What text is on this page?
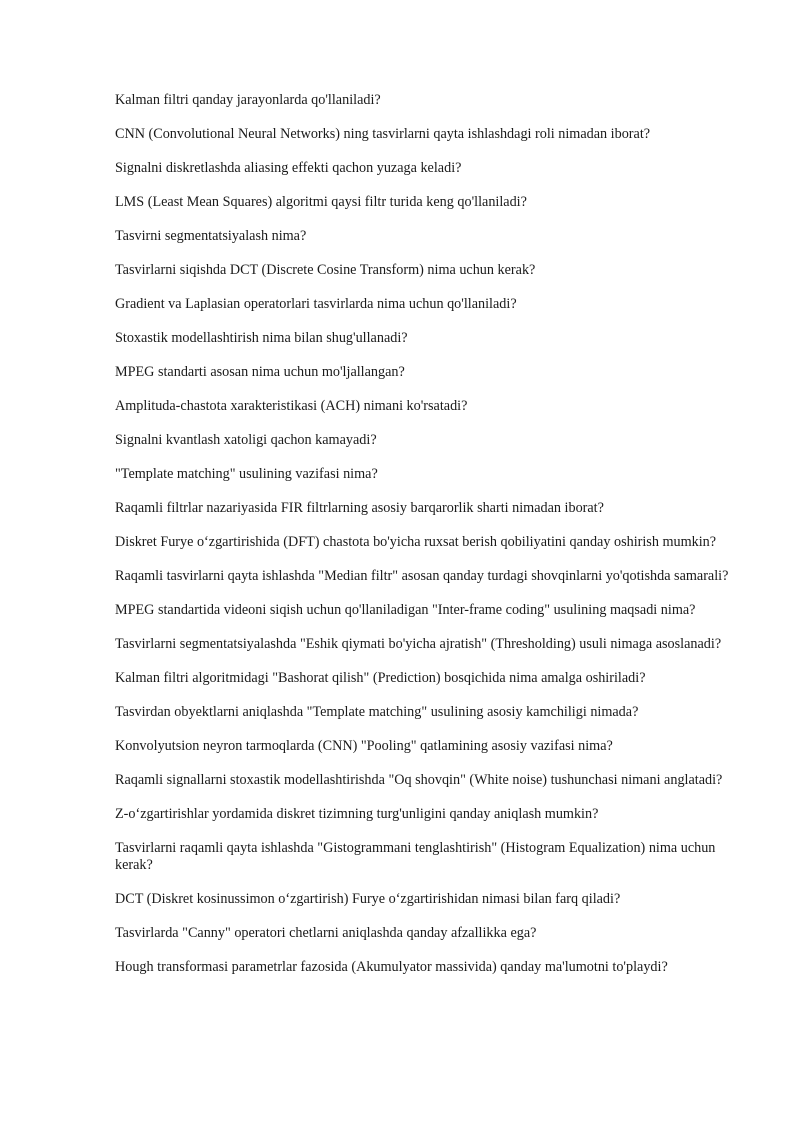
Kalman filtri qanday jarayonlarda qo'llaniladi?

CNN (Convolutional Neural Networks) ning tasvirlarni qayta ishlashdagi roli nimadan iborat?

Signalni diskretlashda aliasing effekti qachon yuzaga keladi?

LMS (Least Mean Squares) algoritmi qaysi filtr turida keng qo'llaniladi?

Tasvirni segmentatsiyalash nima?

Tasvirlarni siqishda DCT (Discrete Cosine Transform) nima uchun kerak?

Gradient va Laplasian operatorlari tasvirlarda nima uchun qo'llaniladi?

Stoxastik modellashtirish nima bilan shug'ullanadi?

MPEG standarti asosan nima uchun mo'ljallangan?

Amplituda-chastota xarakteristikasi (ACH) nimani ko'rsatadi?

Signalni kvantlash xatoligi qachon kamayadi?

"Template matching" usulining vazifasi nima?

Raqamli filtrlar nazariyasida FIR filtrlarning asosiy barqarorlik sharti nimadan iborat?

Diskret Furye o‘zgartirishida (DFT) chastota bo'yicha ruxsat berish qobiliyatini qanday oshirish mumkin?

Raqamli tasvirlarni qayta ishlashda "Median filtr" asosan qanday turdagi shovqinlarni yo'qotishda samarali?

MPEG standartida videoni siqish uchun qo'llaniladigan "Inter-frame coding" usulining maqsadi nima?

Tasvirlarni segmentatsiyalashda "Eshik qiymati bo'yicha ajratish" (Thresholding) usuli nimaga asoslanadi?

Kalman filtri algoritmidagi "Bashorat qilish" (Prediction) bosqichida nima amalga oshiriladi?

Tasvirdan obyektlarni aniqlashda "Template matching" usulining asosiy kamchiligi nimada?

Konvolyutsion neyron tarmoqlarda (CNN) "Pooling" qatlamining asosiy vazifasi nima?

Raqamli signallarni stoxastik modellashtirishda "Oq shovqin" (White noise) tushunchasi nimani anglatadi?

Z-o‘zgartirishlar yordamida diskret tizimning turg'unligini qanday aniqlash mumkin?

Tasvirlarni raqamli qayta ishlashda "Gistogrammani tenglashtirish" (Histogram Equalization) nima uchun kerak?

DCT (Diskret kosinussimon o‘zgartirish) Furye o‘zgartirishidan nimasi bilan farq qiladi?

Tasvirlarda "Canny" operatori chetlarni aniqlashda qanday afzallikka ega?

Hough transformasi parametrlar fazosida (Akumulyator massivida) qanday ma'lumotni to'playdi?
